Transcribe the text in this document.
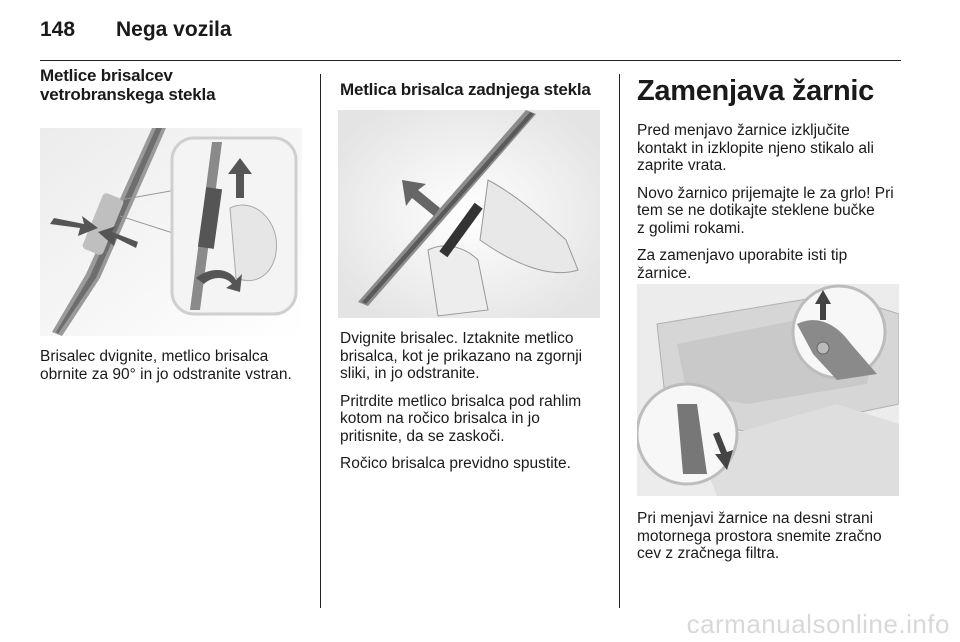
148 Nega vozila
Metlice brisalcev
vetrobranskega stekla

Brisalec dvignite, metlico brisalca
obrnite za 90° in jo odstranite vstran.

Metlica brisalca zadnjega stekla

Dvignite brisalec. Iztaknite metlico
brisalca, kot je prikazano na zgornji
sliki, in jo odstranite.

Pritrdite metlico brisalca pod rahlim
kotom na ročico brisalca in jo
pritisnite, da se zaskoči.

Ročico brisalca previdno spustite.

Zamenjava žarnic

Pred menjavo žarnice izključite
kontakt in izklopite njeno stikalo ali
zaprite vrata.

Novo žarnico prijemajte le za grlo! Pri
tem se ne dotikajte steklene bučke
z golimi rokami.

Za zamenjavo uporabite isti tip
žarnice.

Pri menjavi žarnice na desni strani
motornega prostora snemite zračno
cev z zračnega filtra.

carmanualsonline.info
